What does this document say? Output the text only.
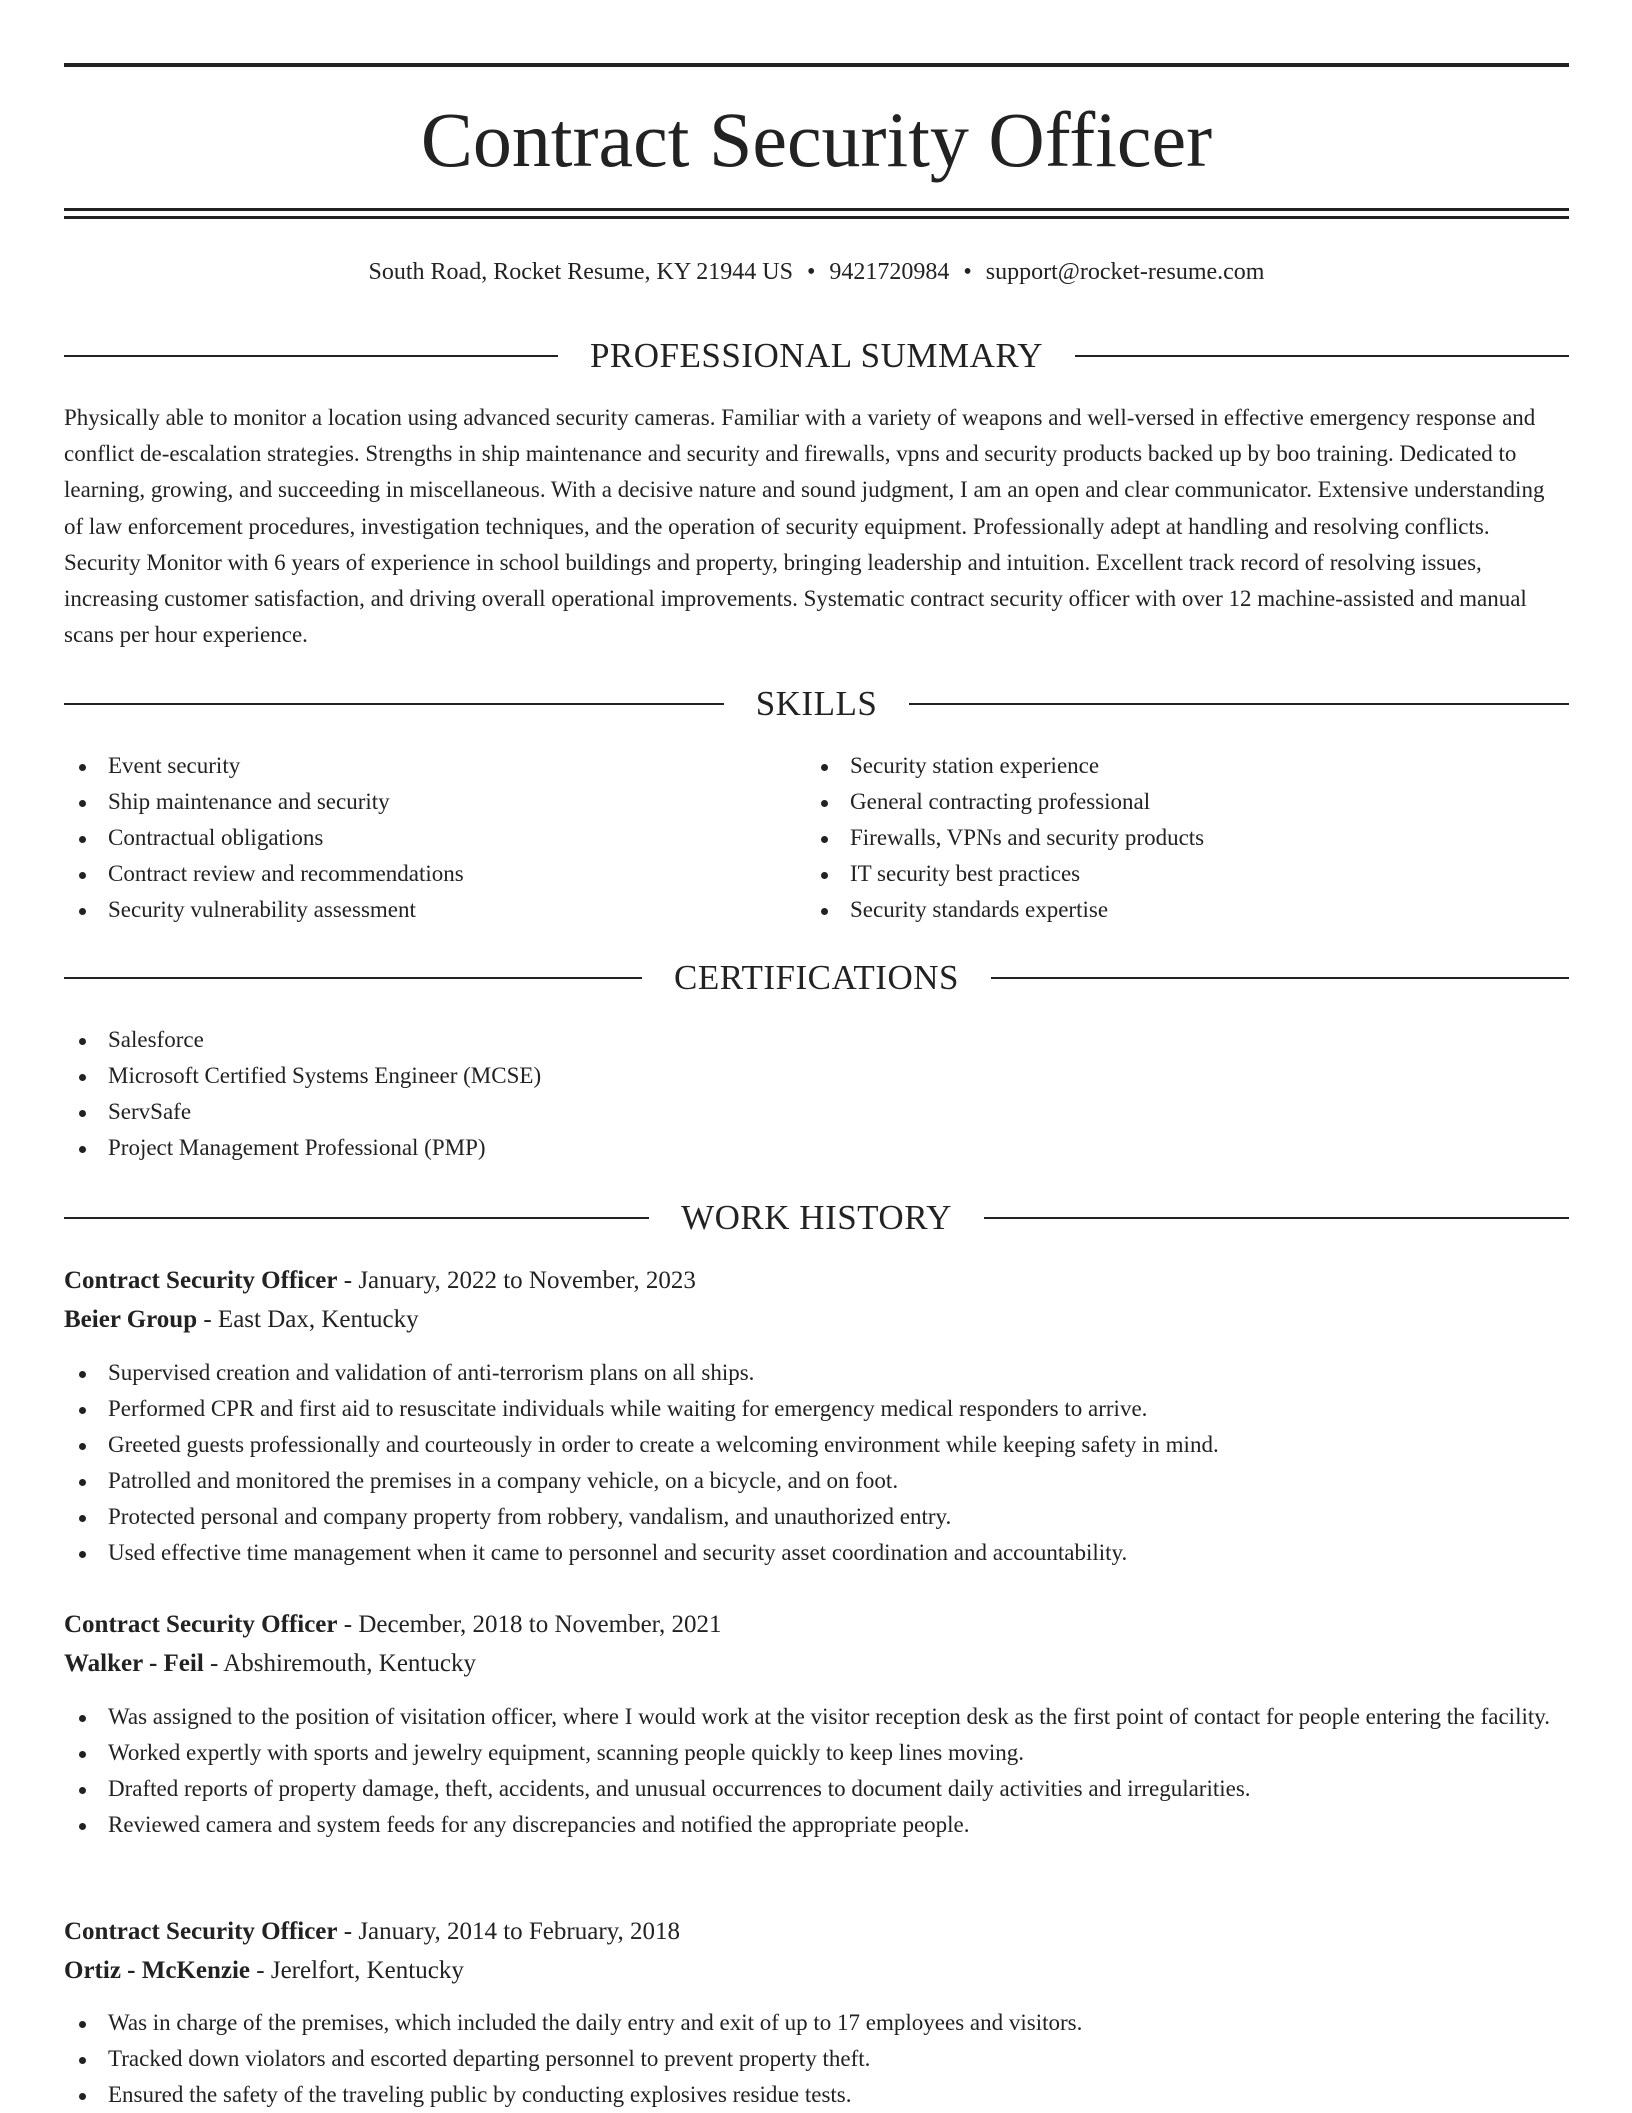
Contract Security Officer
South Road, Rocket Resume, KY 21944 US • 9421720984 • support@rocket-resume.com
PROFESSIONAL SUMMARY

Physically able to monitor a location using advanced security cameras. Familiar with a variety of weapons and well-versed in effective emergency response and conflict de-escalation strategies. Strengths in ship maintenance and security and firewalls, vpns and security products backed up by boo training. Dedicated to learning, growing, and succeeding in miscellaneous. With a decisive nature and sound judgment, I am an open and clear communicator. Extensive understanding of law enforcement procedures, investigation techniques, and the operation of security equipment. Professionally adept at handling and resolving conflicts. Security Monitor with 6 years of experience in school buildings and property, bringing leadership and intuition. Excellent track record of resolving issues, increasing customer satisfaction, and driving overall operational improvements. Systematic contract security officer with over 12 machine-assisted and manual scans per hour experience.

SKILLS
Event security
Ship maintenance and security
Contractual obligations
Contract review and recommendations
Security vulnerability assessment
Security station experience
General contracting professional
Firewalls, VPNs and security products
IT security best practices
Security standards expertise
CERTIFICATIONS
Salesforce
Microsoft Certified Systems Engineer (MCSE)
ServSafe
Project Management Professional (PMP)
WORK HISTORY
Contract Security Officer - January, 2022 to November, 2023
Beier Group - East Dax, Kentucky
Supervised creation and validation of anti-terrorism plans on all ships.
Performed CPR and first aid to resuscitate individuals while waiting for emergency medical responders to arrive.
Greeted guests professionally and courteously in order to create a welcoming environment while keeping safety in mind.
Patrolled and monitored the premises in a company vehicle, on a bicycle, and on foot.
Protected personal and company property from robbery, vandalism, and unauthorized entry.
Used effective time management when it came to personnel and security asset coordination and accountability.
Contract Security Officer - December, 2018 to November, 2021
Walker - Feil - Abshiremouth, Kentucky
Was assigned to the position of visitation officer, where I would work at the visitor reception desk as the first point of contact for people entering the facility.
Worked expertly with sports and jewelry equipment, scanning people quickly to keep lines moving.
Drafted reports of property damage, theft, accidents, and unusual occurrences to document daily activities and irregularities.
Reviewed camera and system feeds for any discrepancies and notified the appropriate people.
Contract Security Officer - January, 2014 to February, 2018
Ortiz - McKenzie - Jerelfort, Kentucky
Was in charge of the premises, which included the daily entry and exit of up to 17 employees and visitors.
Tracked down violators and escorted departing personnel to prevent property theft.
Ensured the safety of the traveling public by conducting explosives residue tests.
